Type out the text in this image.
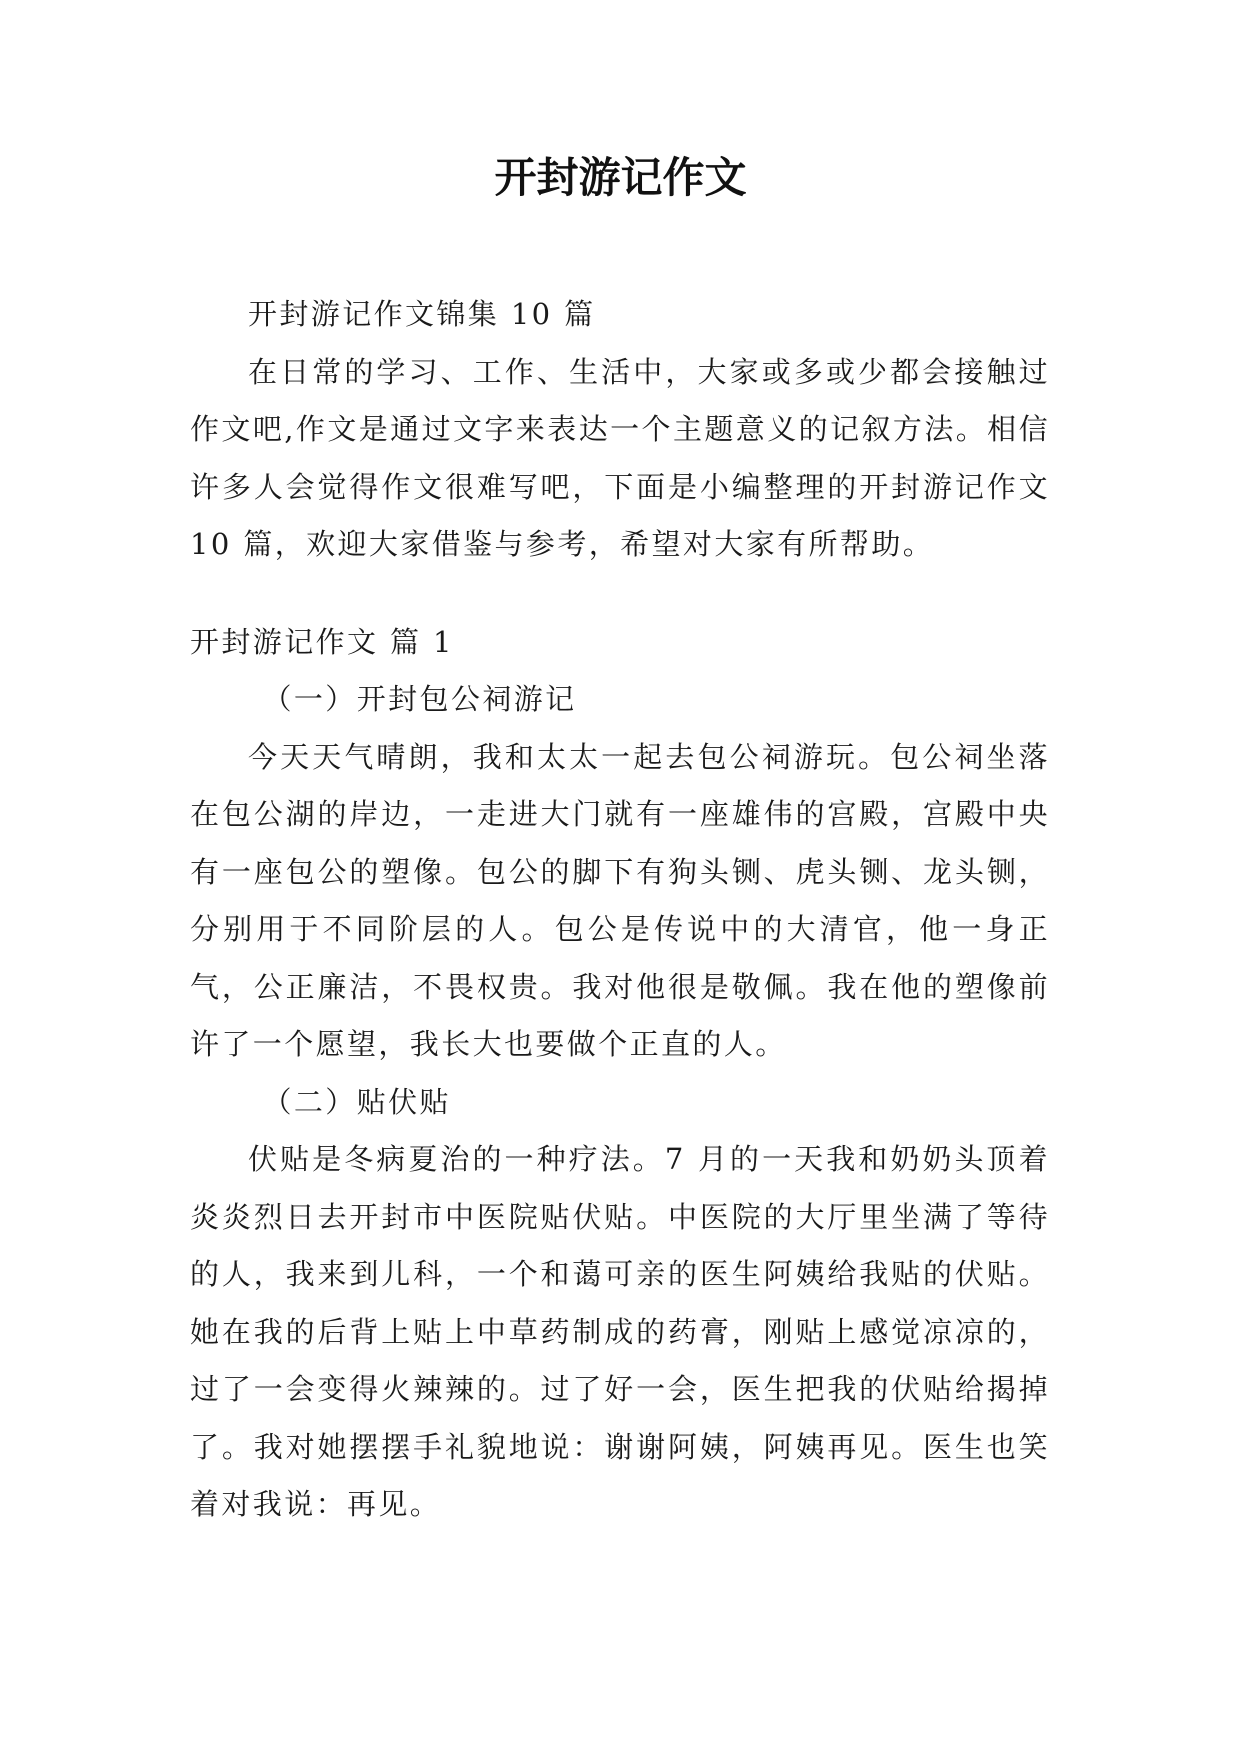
开封游记作文

开封游记作文锦集 10 篇

在日常的学习、工作、生活中，大家或多或少都会接触过作文吧,作文是通过文字来表达一个主题意义的记叙方法。相信许多人会觉得作文很难写吧，下面是小编整理的开封游记作文 10 篇，欢迎大家借鉴与参考，希望对大家有所帮助。

开封游记作文 篇 1

（一）开封包公祠游记

今天天气晴朗，我和太太一起去包公祠游玩。包公祠坐落在包公湖的岸边，一走进大门就有一座雄伟的宫殿，宫殿中央有一座包公的塑像。包公的脚下有狗头铡、虎头铡、龙头铡，分别用于不同阶层的人。包公是传说中的大清官，他一身正气，公正廉洁，不畏权贵。我对他很是敬佩。我在他的塑像前许了一个愿望，我长大也要做个正直的人。

（二）贴伏贴

伏贴是冬病夏治的一种疗法。7 月的一天我和奶奶头顶着炎炎烈日去开封市中医院贴伏贴。中医院的大厅里坐满了等待的人，我来到儿科，一个和蔼可亲的医生阿姨给我贴的伏贴。她在我的后背上贴上中草药制成的药膏，刚贴上感觉凉凉的，过了一会变得火辣辣的。过了好一会，医生把我的伏贴给揭掉了。我对她摆摆手礼貌地说：谢谢阿姨，阿姨再见。医生也笑着对我说：再见。
